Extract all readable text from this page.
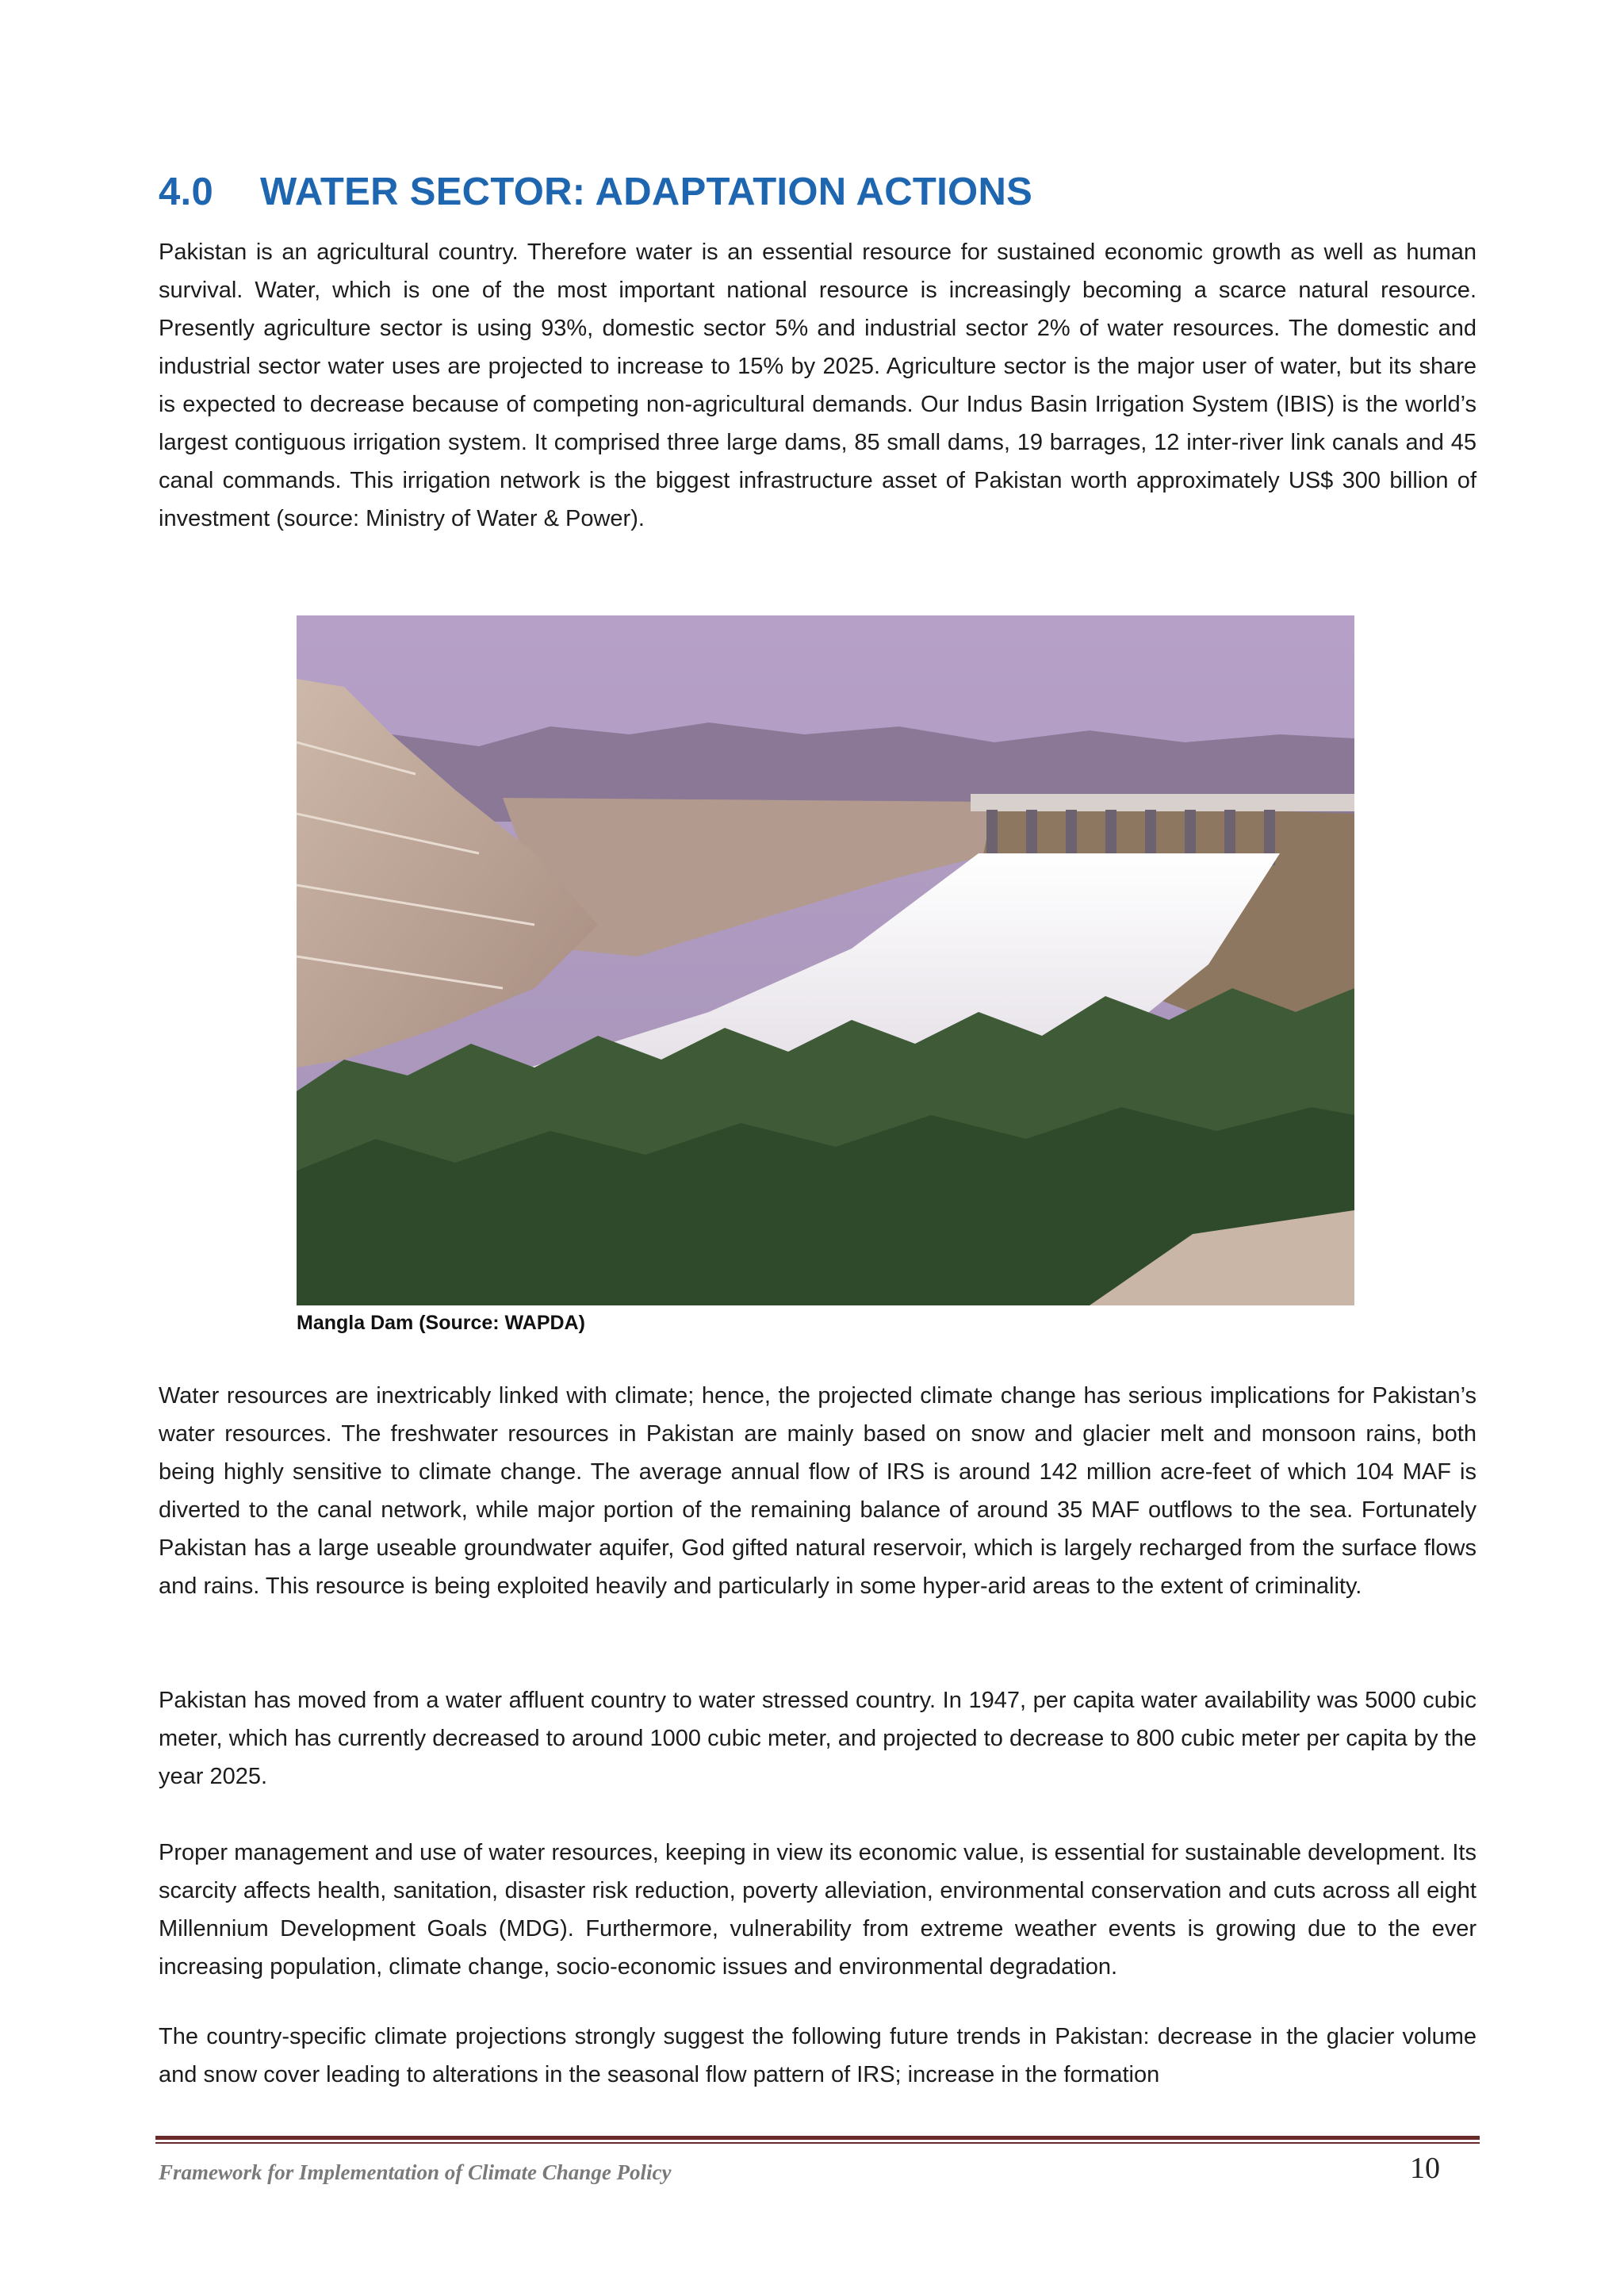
4.0 WATER SECTOR: ADAPTATION ACTIONS

Pakistan is an agricultural country. Therefore water is an essential resource for sustained economic growth as well as human survival. Water, which is one of the most important national resource is increasingly becoming a scarce natural resource. Presently agriculture sector is using 93%, domestic sector 5% and industrial sector 2% of water resources. The domestic and industrial sector water uses are projected to increase to 15% by 2025. Agriculture sector is the major user of water, but its share is expected to decrease because of competing non-agricultural demands. Our Indus Basin Irrigation System (IBIS) is the world’s largest contiguous irrigation system. It comprised three large dams, 85 small dams, 19 barrages, 12 inter-river link canals and 45 canal commands. This irrigation network is the biggest infrastructure asset of Pakistan worth approximately US$ 300 billion of investment (source: Ministry of Water & Power).

Mangla Dam (Source: WAPDA)

Water resources are inextricably linked with climate; hence, the projected climate change has serious implications for Pakistan’s water resources. The freshwater resources in Pakistan are mainly based on snow and glacier melt and monsoon rains, both being highly sensitive to climate change. The average annual flow of IRS is around 142 million acre-feet of which 104 MAF is diverted to the canal network, while major portion of the remaining balance of around 35 MAF outflows to the sea. Fortunately Pakistan has a large useable groundwater aquifer, God gifted natural reservoir, which is largely recharged from the surface flows and rains. This resource is being exploited heavily and particularly in some hyper-arid areas to the extent of criminality.

Pakistan has moved from a water affluent country to water stressed country. In 1947, per capita water availability was 5000 cubic meter, which has currently decreased to around 1000 cubic meter, and projected to decrease to 800 cubic meter per capita by the year 2025.

Proper management and use of water resources, keeping in view its economic value, is essential for sustainable development. Its scarcity affects health, sanitation, disaster risk reduction, poverty alleviation, environmental conservation and cuts across all eight Millennium Development Goals (MDG). Furthermore, vulnerability from extreme weather events is growing due to the ever increasing population, climate change, socio-economic issues and environmental degradation.

The country-specific climate projections strongly suggest the following future trends in Pakistan: decrease in the glacier volume and snow cover leading to alterations in the seasonal flow pattern of IRS; increase in the formation

Framework for Implementation of Climate Change Policy	10
